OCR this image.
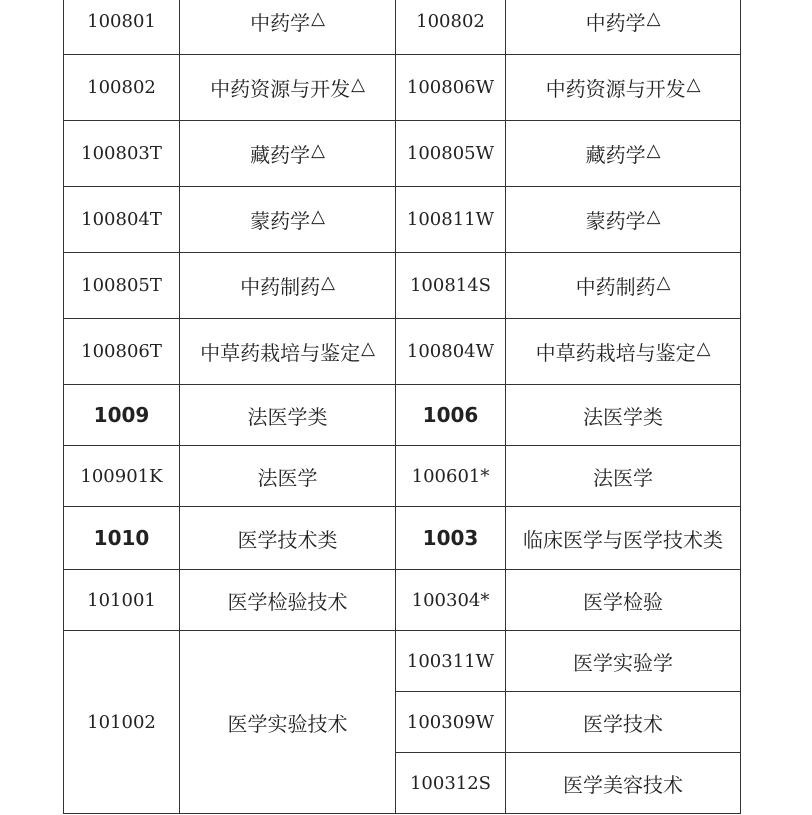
100801	中药学△	100802	中药学△
100802	中药资源与开发△	100806W	中药资源与开发△
100803T	藏药学△	100805W	藏药学△
100804T	蒙药学△	100811W	蒙药学△
100805T	中药制药△	100814S	中药制药△
100806T	中草药栽培与鉴定△	100804W	中草药栽培与鉴定△
1009	法医学类	1006	法医学类
100901K	法医学	100601*	法医学
1010	医学技术类	1003	临床医学与医学技术类
101001	医学检验技术	100304*	医学检验
101002	医学实验技术	100311W	医学实验学
		100309W	医学技术
		100312S	医学美容技术
